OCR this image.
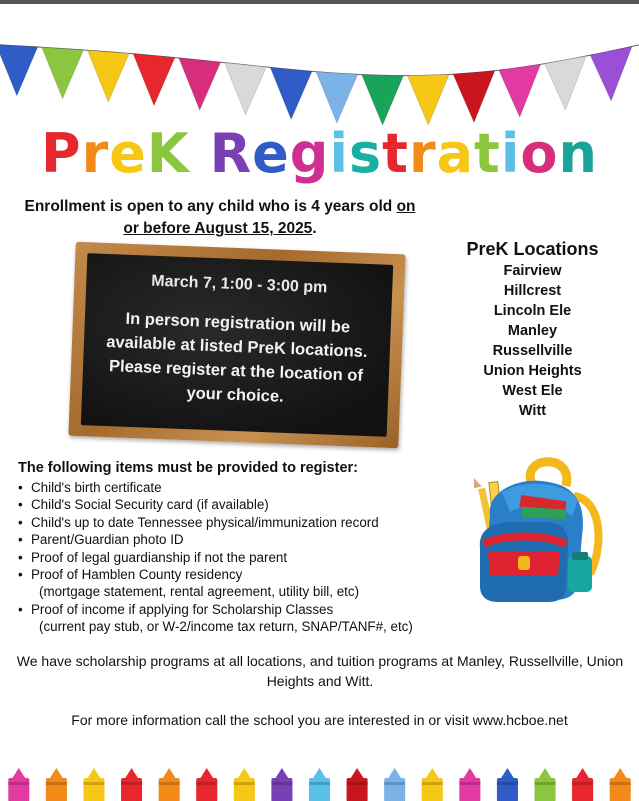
PreK Registration
Enrollment is open to any child who is 4 years old on or before August 15, 2025.
March 7, 1:00 - 3:00 pm
In person registration will be available at listed PreK locations. Please register at the location of your choice.
PreK Locations
Fairview
Hillcrest
Lincoln Ele
Manley
Russellville
Union Heights
West Ele
Witt
The following items must be provided to register:
• Child's birth certificate
• Child's Social Security card (if available)
• Child's up to date Tennessee physical/immunization record
• Parent/Guardian photo ID
• Proof of legal guardianship if not the parent
• Proof of Hamblen County residency
(mortgage statement, rental agreement, utility bill, etc)
• Proof of income if applying for Scholarship Classes
(current pay stub, or W-2/income tax return, SNAP/TANF#, etc)
We have scholarship programs at all locations, and tuition programs at Manley, Russellville, Union Heights and Witt.
For more information call the school you are interested in or visit www.hcboe.net
